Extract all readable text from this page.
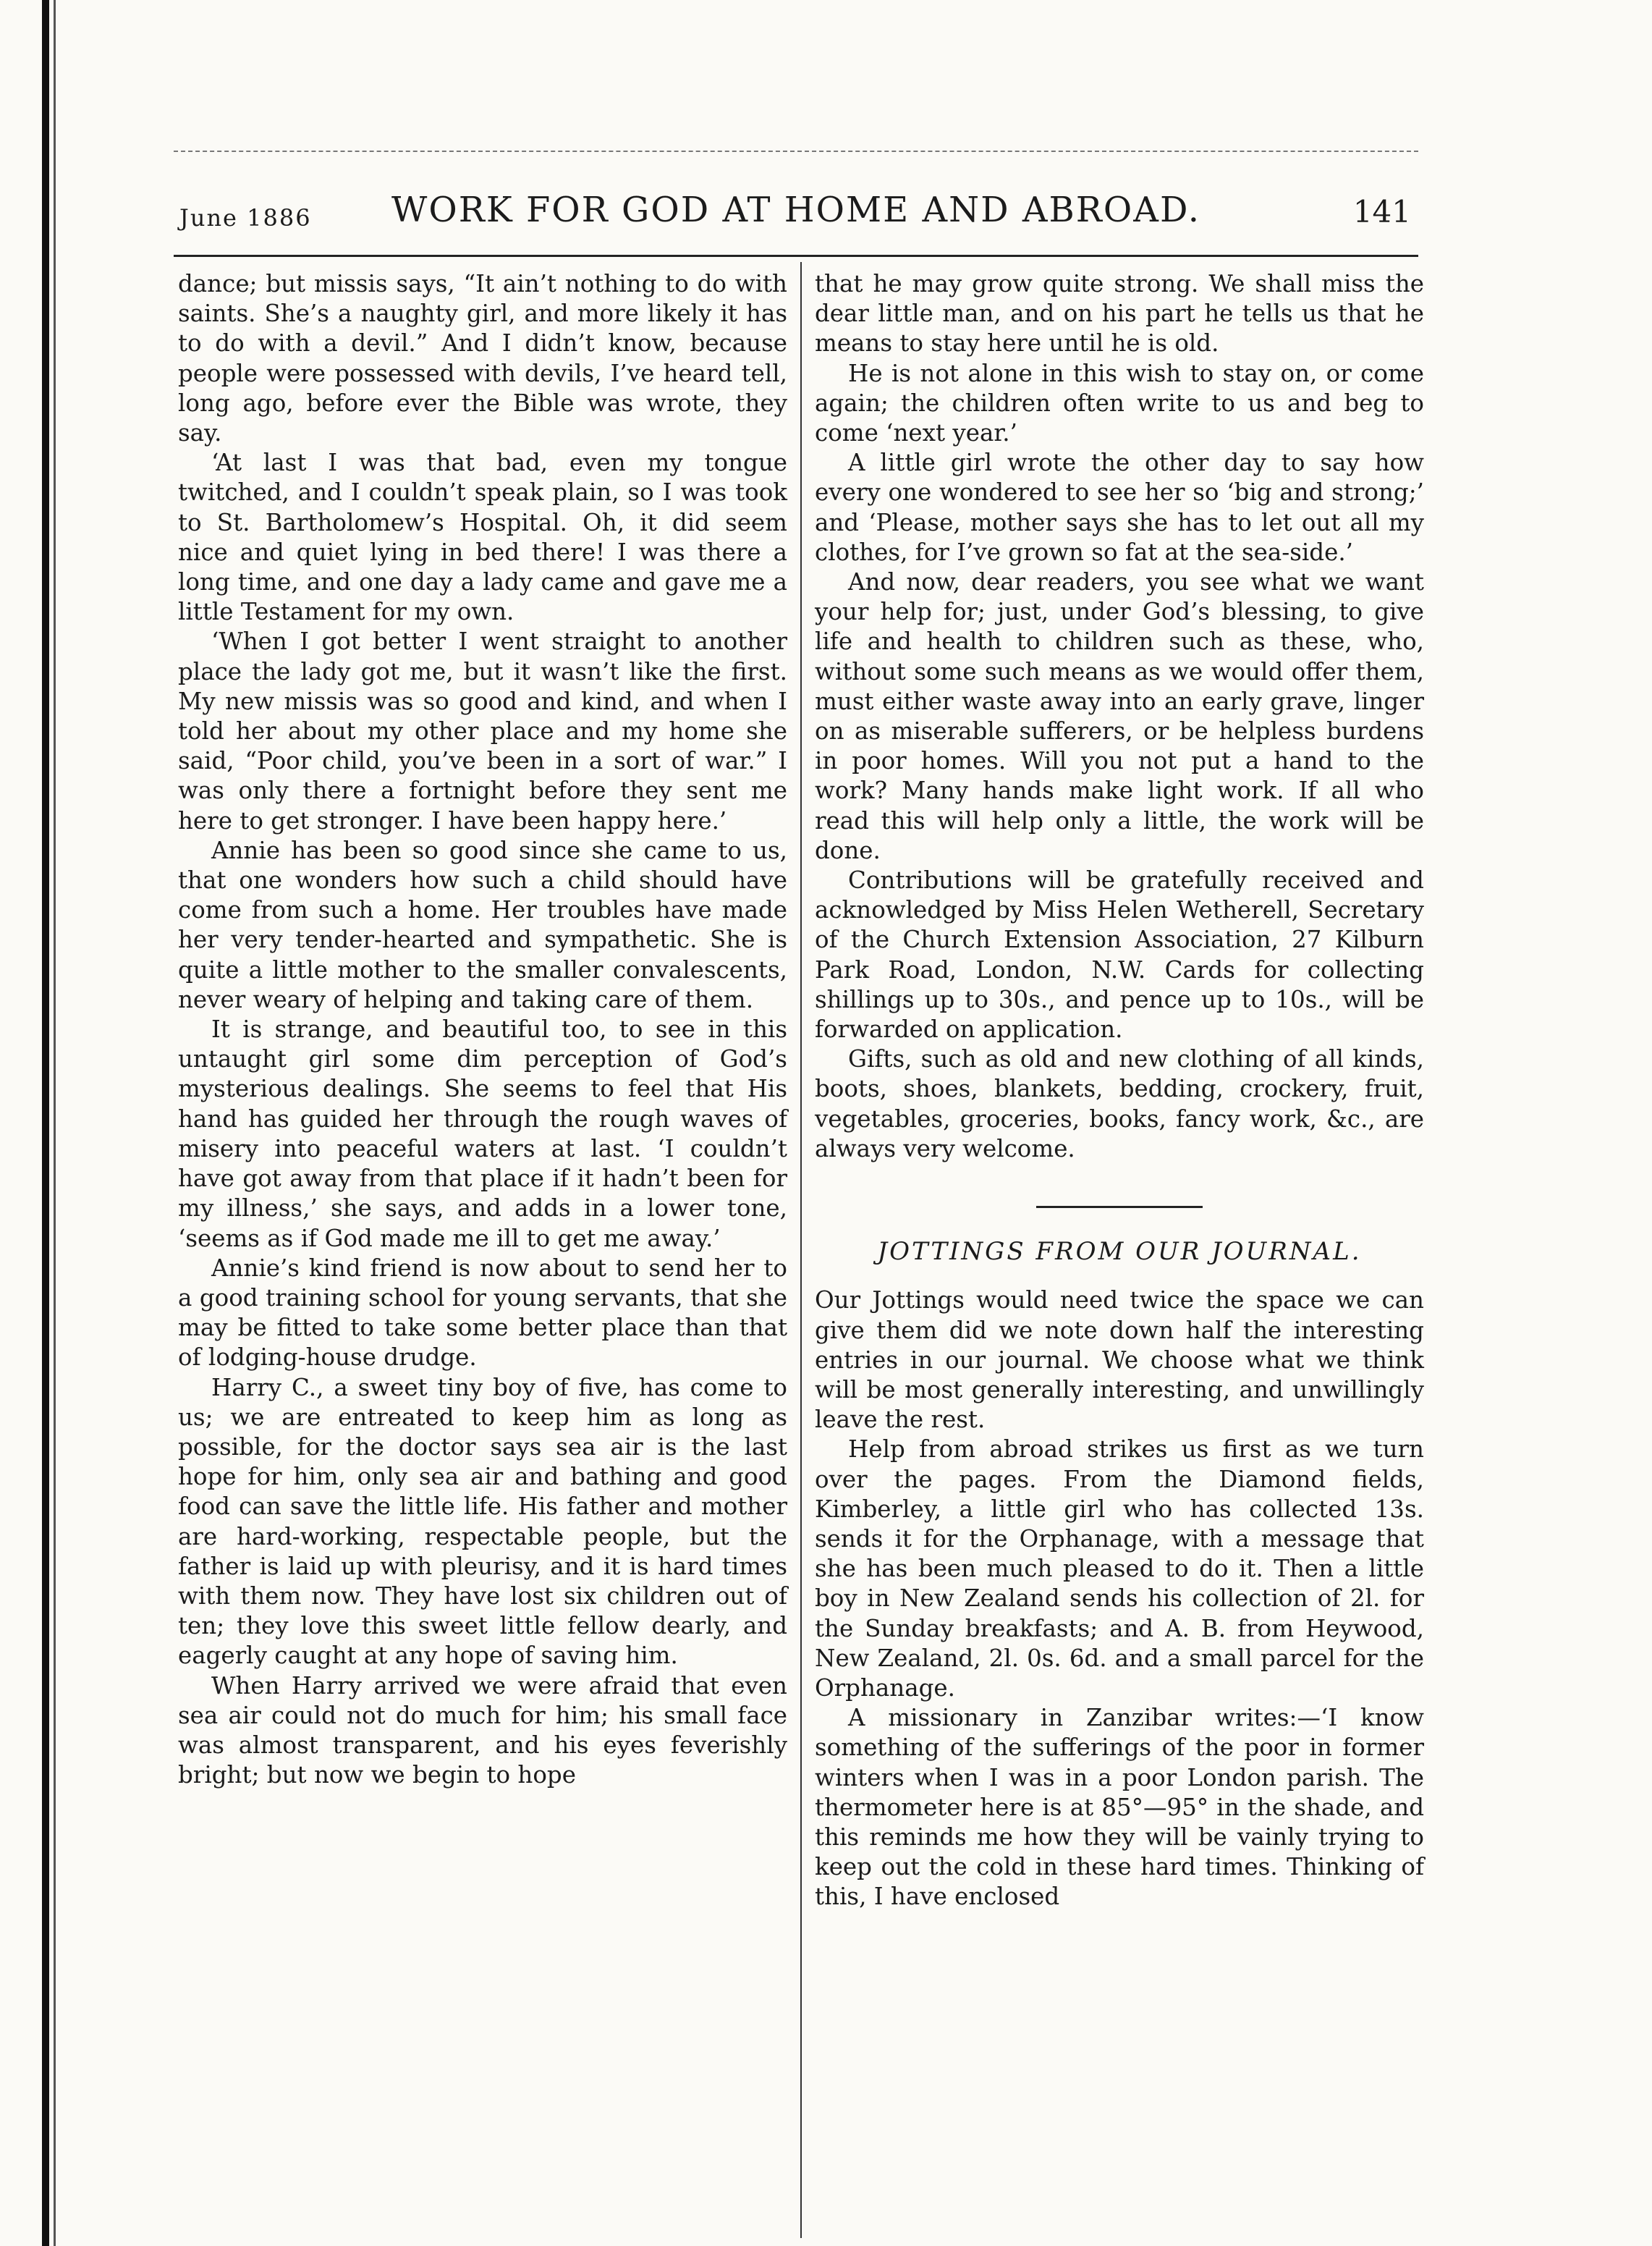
June 1886	WORK FOR GOD AT HOME AND ABROAD.	141

dance; but missis says, “It ain’t nothing to do with saints. She’s a naughty girl, and more likely it has to do with a devil.” And I didn’t know, because people were possessed with devils, I’ve heard tell, long ago, before ever the Bible was wrote, they say.

‘At last I was that bad, even my tongue twitched, and I couldn’t speak plain, so I was took to St. Bartholomew’s Hospital. Oh, it did seem nice and quiet lying in bed there! I was there a long time, and one day a lady came and gave me a little Testament for my own.

‘When I got better I went straight to another place the lady got me, but it wasn’t like the first. My new missis was so good and kind, and when I told her about my other place and my home she said, “Poor child, you’ve been in a sort of war.” I was only there a fortnight before they sent me here to get stronger. I have been happy here.’

Annie has been so good since she came to us, that one wonders how such a child should have come from such a home. Her troubles have made her very tender-hearted and sympathetic. She is quite a little mother to the smaller convalescents, never weary of helping and taking care of them.

It is strange, and beautiful too, to see in this untaught girl some dim perception of God’s mysterious dealings. She seems to feel that His hand has guided her through the rough waves of misery into peaceful waters at last. ‘I couldn’t have got away from that place if it hadn’t been for my illness,’ she says, and adds in a lower tone, ‘seems as if God made me ill to get me away.’

Annie’s kind friend is now about to send her to a good training school for young servants, that she may be fitted to take some better place than that of lodging-house drudge.

Harry C., a sweet tiny boy of five, has come to us; we are entreated to keep him as long as possible, for the doctor says sea air is the last hope for him, only sea air and bathing and good food can save the little life. His father and mother are hard-working, respectable people, but the father is laid up with pleurisy, and it is hard times with them now. They have lost six children out of ten; they love this sweet little fellow dearly, and eagerly caught at any hope of saving him.

When Harry arrived we were afraid that even sea air could not do much for him; his small face was almost transparent, and his eyes feverishly bright; but now we begin to hope

that he may grow quite strong. We shall miss the dear little man, and on his part he tells us that he means to stay here until he is old.

He is not alone in this wish to stay on, or come again; the children often write to us and beg to come ‘next year.’

A little girl wrote the other day to say how every one wondered to see her so ‘big and strong;’ and ‘Please, mother says she has to let out all my clothes, for I’ve grown so fat at the sea-side.’

And now, dear readers, you see what we want your help for; just, under God’s blessing, to give life and health to children such as these, who, without some such means as we would offer them, must either waste away into an early grave, linger on as miserable sufferers, or be helpless burdens in poor homes. Will you not put a hand to the work? Many hands make light work. If all who read this will help only a little, the work will be done.

Contributions will be gratefully received and acknowledged by Miss Helen Wetherell, Secretary of the Church Extension Association, 27 Kilburn Park Road, London, N.W. Cards for collecting shillings up to 30s., and pence up to 10s., will be forwarded on application.

Gifts, such as old and new clothing of all kinds, boots, shoes, blankets, bedding, crockery, fruit, vegetables, groceries, books, fancy work, &c., are always very welcome.

JOTTINGS FROM OUR JOURNAL.

Our Jottings would need twice the space we can give them did we note down half the interesting entries in our journal. We choose what we think will be most generally interesting, and unwillingly leave the rest.

Help from abroad strikes us first as we turn over the pages. From the Diamond fields, Kimberley, a little girl who has collected 13s. sends it for the Orphanage, with a message that she has been much pleased to do it. Then a little boy in New Zealand sends his collection of 2l. for the Sunday breakfasts; and A. B. from Heywood, New Zealand, 2l. 0s. 6d. and a small parcel for the Orphanage.

A missionary in Zanzibar writes:—‘I know something of the sufferings of the poor in former winters when I was in a poor London parish. The thermometer here is at 85°—95° in the shade, and this reminds me how they will be vainly trying to keep out the cold in these hard times. Thinking of this, I have enclosed
